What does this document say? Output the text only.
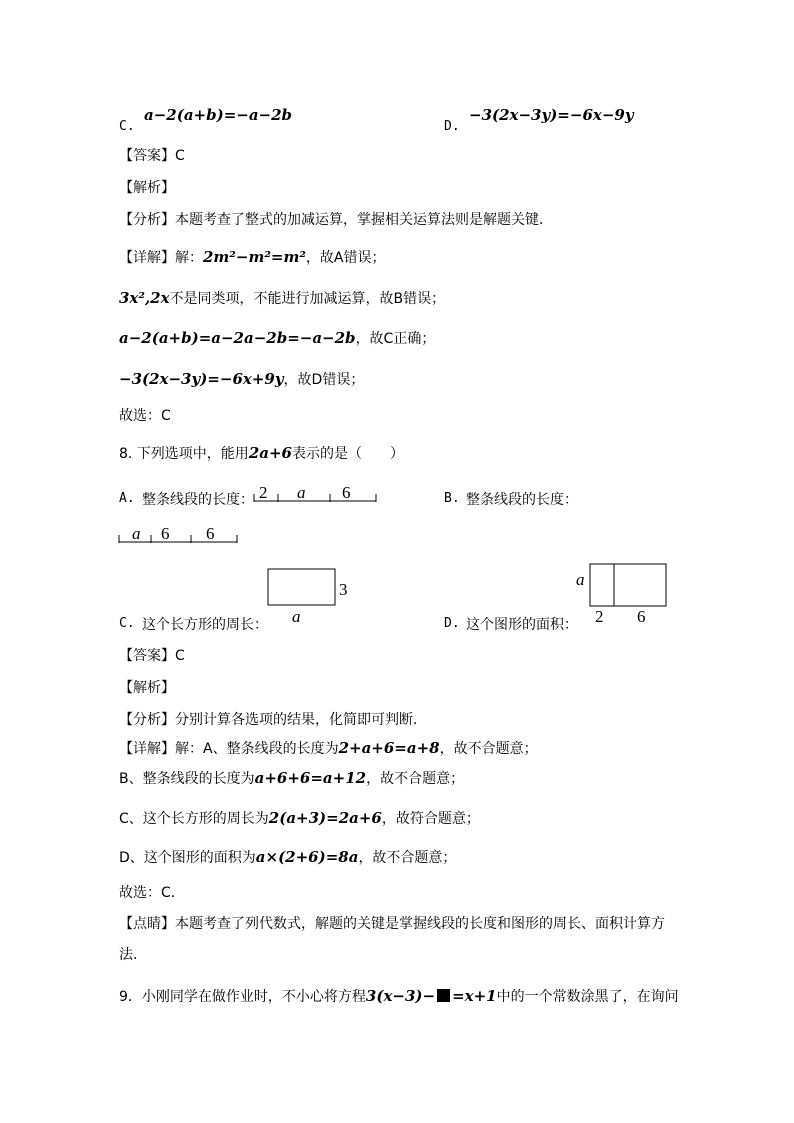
C.
a−2(a+b)=−a−2b
D.
−3(2x−3y)=−6x−9y
【答案】C
【解析】
【分析】本题考查了整式的加减运算，掌握相关运算法则是解题关键．
【详解】解：2m²−m²=m²，故A错误；
3x²,2x不是同类项，不能进行加减运算，故B错误；
a−2(a+b)=a−2a−2b=−a−2b，故C正确；
−3(2x−3y)=−6x+9y，故D错误；
故选：C
8. 下列选项中，能用2a+6表示的是（　　）
A. 整条线段的长度： 2 a 6	B. 整条线段的长度：
a 6 6
3
a
C. 这个长方形的周长：
a
2 6
D. 这个图形的面积：
【答案】C
【解析】
【分析】分别计算各选项的结果，化简即可判断．
【详解】解：A、整条线段的长度为2+a+6=a+8，故不合题意；
B、整条线段的长度为a+6+6=a+12，故不合题意；
C、这个长方形的周长为2(a+3)=2a+6，故符合题意；
D、这个图形的面积为a×(2+6)=8a，故不合题意；
故选：C．
【点睛】本题考查了列代数式，解题的关键是掌握线段的长度和图形的周长、面积计算方
法．
9．小刚同学在做作业时，不小心将方程3(x−3)− =x+1中的一个常数涂黑了，在询问
